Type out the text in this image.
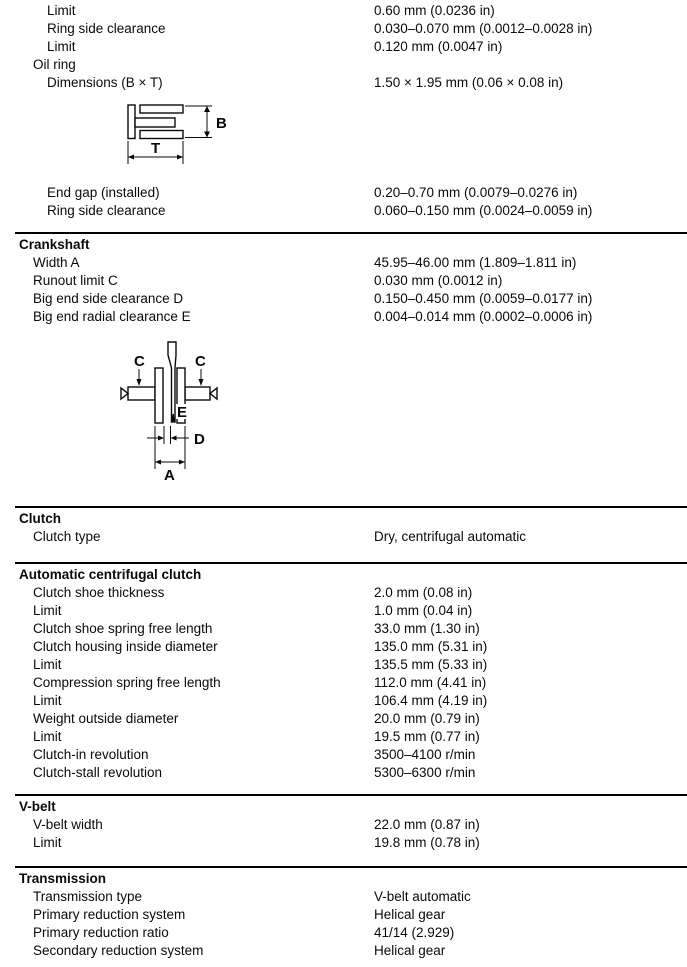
Limit	0.60 mm (0.0236 in)
Ring side clearance	0.030–0.070 mm (0.0012–0.0028 in)
Limit	0.120 mm (0.0047 in)
Oil ring
Dimensions (B × T)	1.50 × 1.95 mm (0.06 × 0.08 in)
End gap (installed)	0.20–0.70 mm (0.0079–0.0276 in)
Ring side clearance	0.060–0.150 mm (0.0024–0.0059 in)
Crankshaft
Width A	45.95–46.00 mm (1.809–1.811 in)
Runout limit C	0.030 mm (0.0012 in)
Big end side clearance D	0.150–0.450 mm (0.0059–0.0177 in)
Big end radial clearance E	0.004–0.014 mm (0.0002–0.0006 in)
Clutch
Clutch type	Dry, centrifugal automatic
Automatic centrifugal clutch
Clutch shoe thickness	2.0 mm (0.08 in)
Limit	1.0 mm (0.04 in)
Clutch shoe spring free length	33.0 mm (1.30 in)
Clutch housing inside diameter	135.0 mm (5.31 in)
Limit	135.5 mm (5.33 in)
Compression spring free length	112.0 mm (4.41 in)
Limit	106.4 mm (4.19 in)
Weight outside diameter	20.0 mm (0.79 in)
Limit	19.5 mm (0.77 in)
Clutch-in revolution	3500–4100 r/min
Clutch-stall revolution	5300–6300 r/min
V-belt
V-belt width	22.0 mm (0.87 in)
Limit	19.8 mm (0.78 in)
Transmission
Transmission type	V-belt automatic
Primary reduction system	Helical gear
Primary reduction ratio	41/14 (2.929)
Secondary reduction system	Helical gear
B
T
C	C
E
D
A
